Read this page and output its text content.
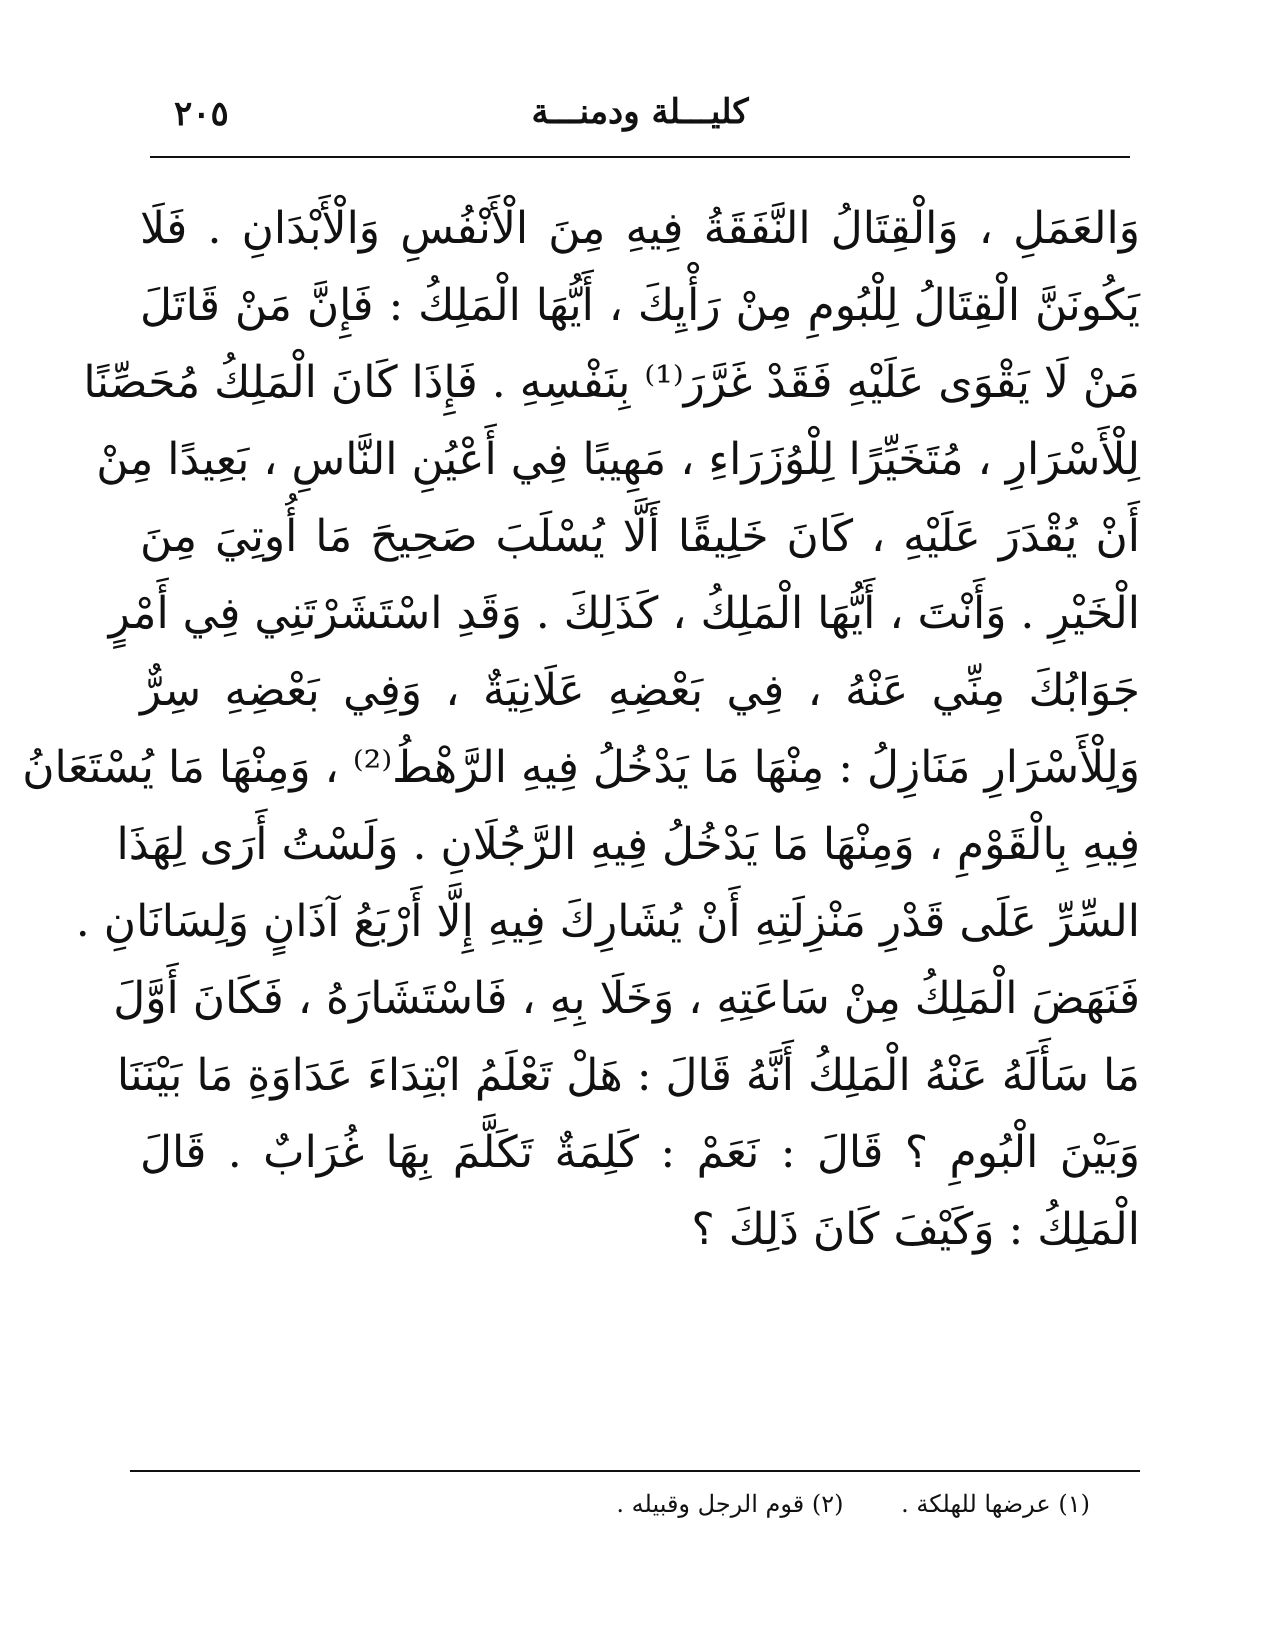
كليـــلة ودمنـــة
٢٠٥
وَالعَمَلِ ، وَالْقِتَالُ النَّفَقَةُ فِيهِ مِنَ الْأَنْفُسِ وَالْأَبْدَانِ . فَلَا
يَكُونَنَّ الْقِتَالُ لِلْبُومِ مِنْ رَأْيِكَ ، أَيُّهَا الْمَلِكُ : فَإِنَّ مَنْ قَاتَلَ
مَنْ لَا يَقْوَى عَلَيْهِ فَقَدْ غَرَّرَ⁽¹⁾ بِنَفْسِهِ . فَإِذَا كَانَ الْمَلِكُ مُحَصِّنًا
لِلْأَسْرَارِ ، مُتَخَيِّرًا لِلْوُزَرَاءِ ، مَهِيبًا فِي أَعْيُنِ النَّاسِ ، بَعِيدًا مِنْ
أَنْ يُقْدَرَ عَلَيْهِ ، كَانَ خَلِيقًا أَلَّا يُسْلَبَ صَحِيحَ مَا أُوتِيَ مِنَ
الْخَيْرِ . وَأَنْتَ ، أَيُّهَا الْمَلِكُ ، كَذَلِكَ . وَقَدِ اسْتَشَرْتَنِي فِي أَمْرٍ
جَوَابُكَ مِنِّي عَنْهُ ، فِي بَعْضِهِ عَلَانِيَةٌ ، وَفِي بَعْضِهِ سِرٌّ
وَلِلْأَسْرَارِ مَنَازِلُ : مِنْهَا مَا يَدْخُلُ فِيهِ الرَّهْطُ⁽²⁾ ، وَمِنْهَا مَا يُسْتَعَانُ
فِيهِ بِالْقَوْمِ ، وَمِنْهَا مَا يَدْخُلُ فِيهِ الرَّجُلَانِ . وَلَسْتُ أَرَى لِهَذَا
السِّرِّ عَلَى قَدْرِ مَنْزِلَتِهِ أَنْ يُشَارِكَ فِيهِ إِلَّا أَرْبَعُ آذَانٍ وَلِسَانَانِ .
فَنَهَضَ الْمَلِكُ مِنْ سَاعَتِهِ ، وَخَلَا بِهِ ، فَاسْتَشَارَهُ ، فَكَانَ أَوَّلَ
مَا سَأَلَهُ عَنْهُ الْمَلِكُ أَنَّهُ قَالَ : هَلْ تَعْلَمُ ابْتِدَاءَ عَدَاوَةِ مَا بَيْنَنَا
وَبَيْنَ الْبُومِ ؟ قَالَ : نَعَمْ : كَلِمَةٌ تَكَلَّمَ بِهَا غُرَابٌ . قَالَ
الْمَلِكُ : وَكَيْفَ كَانَ ذَلِكَ ؟
(١) عرضها للهلكة . (٢) قوم الرجل وقبيله .
